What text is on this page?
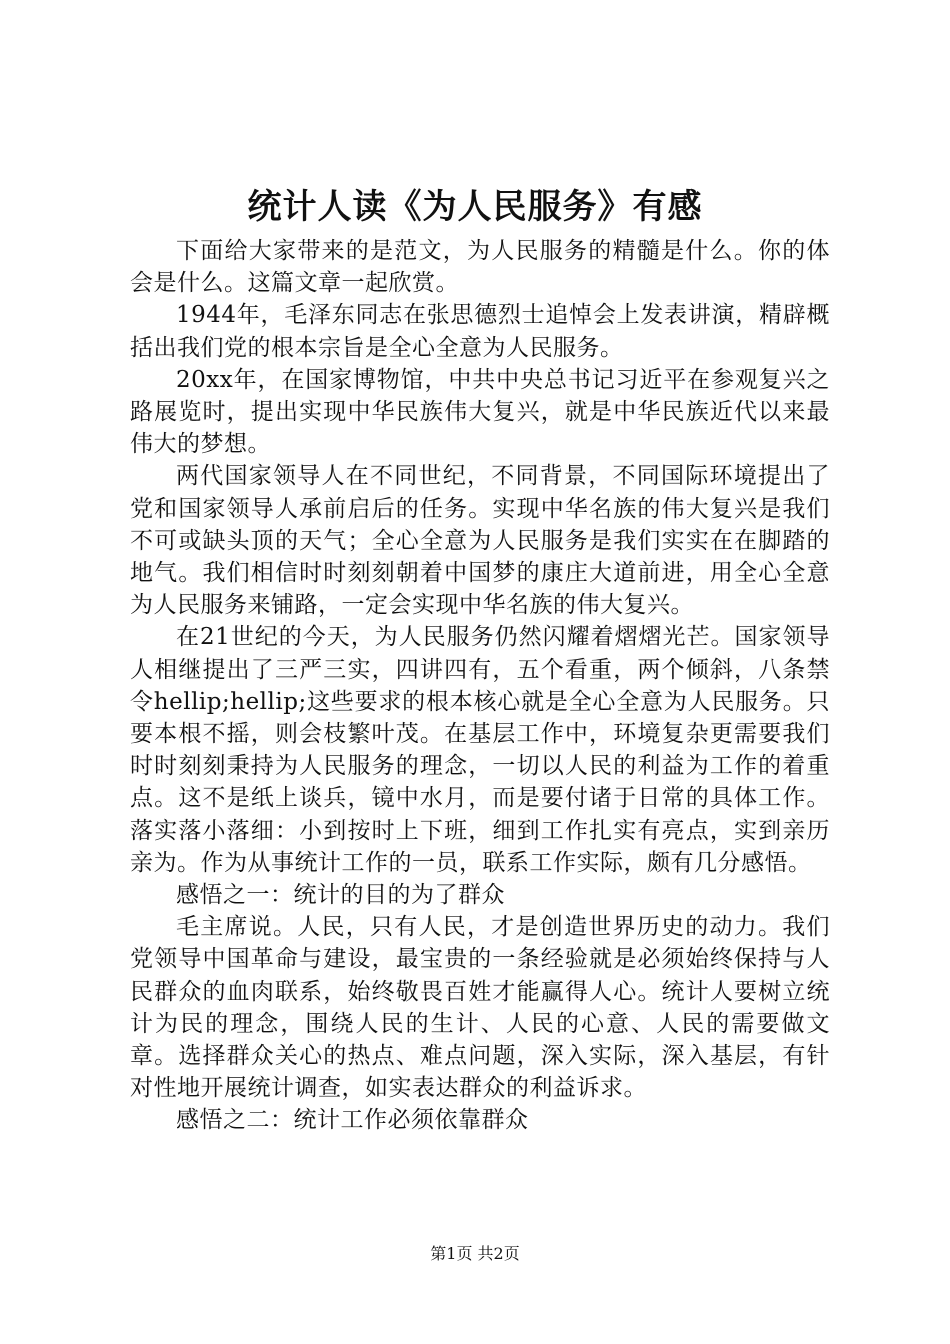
统计人读《为人民服务》有感

下面给大家带来的是范文，为人民服务的精髓是什么。你的体会是什么。这篇文章一起欣赏。

1944年，毛泽东同志在张思德烈士追悼会上发表讲演，精辟概括出我们党的根本宗旨是全心全意为人民服务。

20xx年，在国家博物馆，中共中央总书记习近平在参观复兴之路展览时，提出实现中华民族伟大复兴，就是中华民族近代以来最伟大的梦想。

两代国家领导人在不同世纪，不同背景，不同国际环境提出了党和国家领导人承前启后的任务。实现中华名族的伟大复兴是我们不可或缺头顶的天气；全心全意为人民服务是我们实实在在脚踏的地气。我们相信时时刻刻朝着中国梦的康庄大道前进，用全心全意为人民服务来铺路，一定会实现中华名族的伟大复兴。

在21世纪的今天，为人民服务仍然闪耀着熠熠光芒。国家领导人相继提出了三严三实，四讲四有，五个看重，两个倾斜，八条禁令hellip;hellip;这些要求的根本核心就是全心全意为人民服务。只要本根不摇，则会枝繁叶茂。在基层工作中，环境复杂更需要我们时时刻刻秉持为人民服务的理念，一切以人民的利益为工作的着重点。这不是纸上谈兵，镜中水月，而是要付诸于日常的具体工作。落实落小落细：小到按时上下班，细到工作扎实有亮点，实到亲历亲为。作为从事统计工作的一员，联系工作实际，颇有几分感悟。

感悟之一：统计的目的为了群众

毛主席说。人民，只有人民，才是创造世界历史的动力。我们党领导中国革命与建设，最宝贵的一条经验就是必须始终保持与人民群众的血肉联系，始终敬畏百姓才能赢得人心。统计人要树立统计为民的理念，围绕人民的生计、人民的心意、人民的需要做文章。选择群众关心的热点、难点问题，深入实际，深入基层，有针对性地开展统计调查，如实表达群众的利益诉求。

感悟之二：统计工作必须依靠群众

第1页 共2页
